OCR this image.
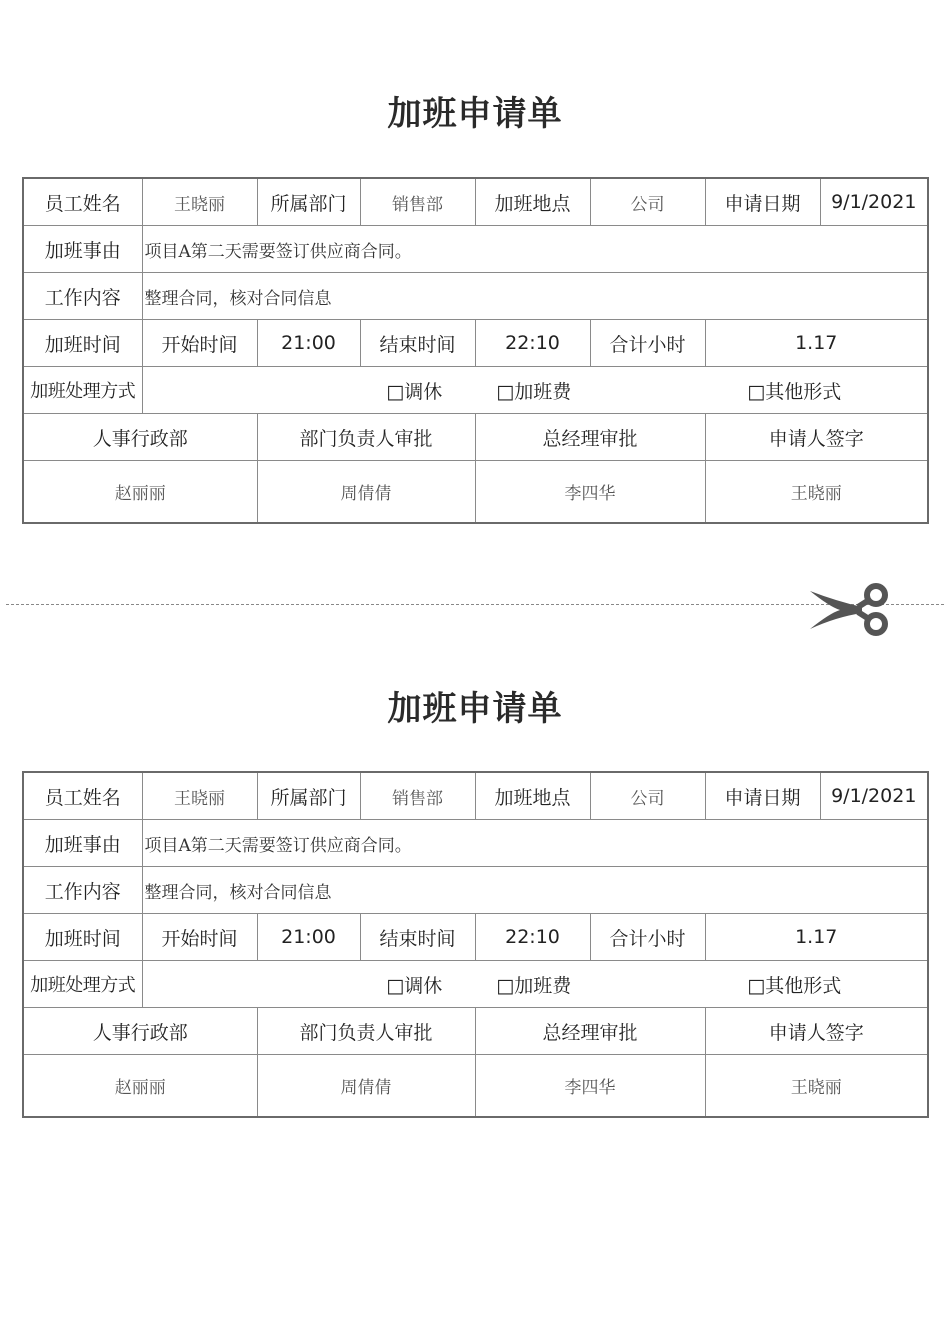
加班申请单
员工姓名	王晓丽	所属部门	销售部	加班地点	公司	申请日期	9/1/2021
加班事由	项目A第二天需要签订供应商合同。						
工作内容	整理合同，核对合同信息						
加班时间	开始时间	21:00	结束时间	22:10	合计小时	1.17	
加班处理方式	□调休 □加班费 □其他形式						
人事行政部		部门负责人审批		总经理审批		申请人签字	
赵丽丽		周倩倩		李四华		王晓丽	
加班申请单
员工姓名	王晓丽	所属部门	销售部	加班地点	公司	申请日期	9/1/2021
加班事由	项目A第二天需要签订供应商合同。						
工作内容	整理合同，核对合同信息						
加班时间	开始时间	21:00	结束时间	22:10	合计小时	1.17	
加班处理方式	□调休 □加班费 □其他形式						
人事行政部		部门负责人审批		总经理审批		申请人签字	
赵丽丽		周倩倩		李四华		王晓丽	
